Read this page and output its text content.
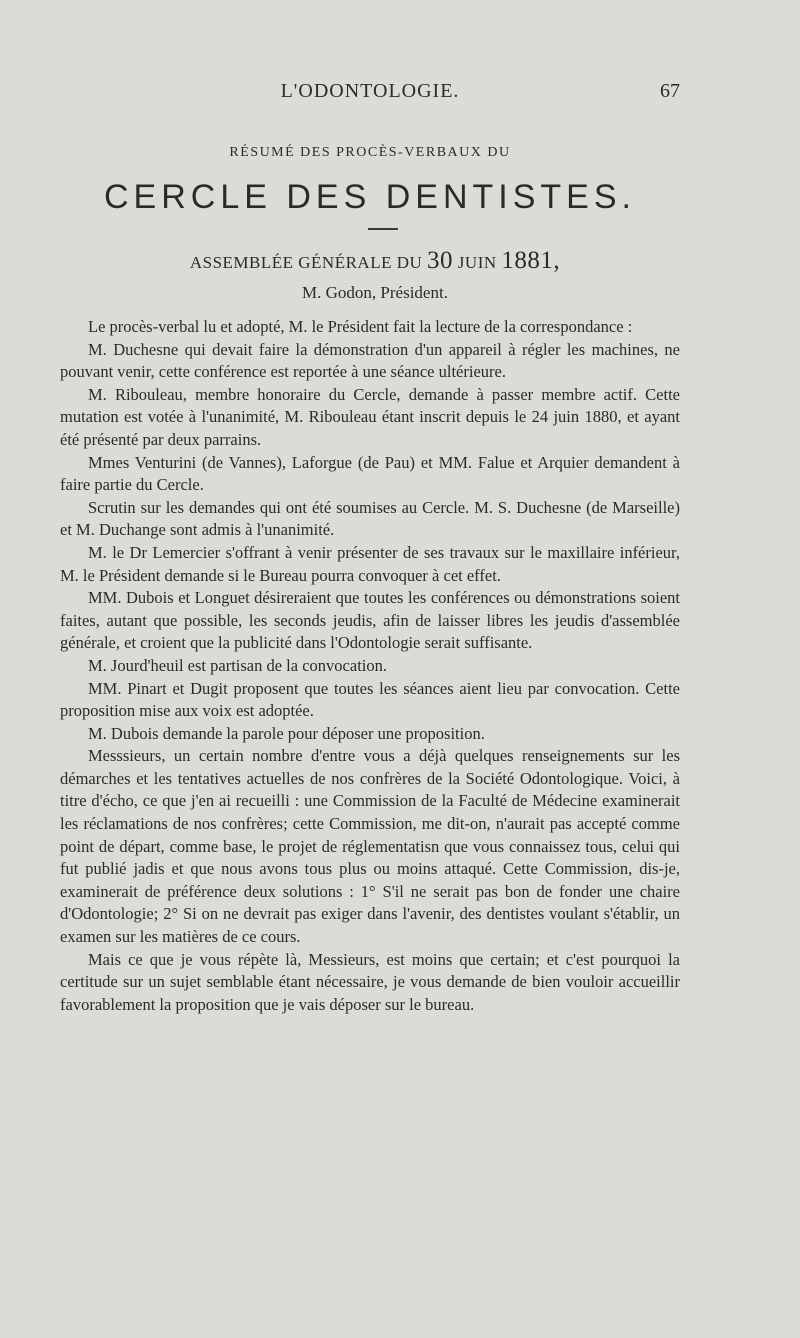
L'ODONTOLOGIE.	67
RÉSUMÉ DES PROCÈS-VERBAUX DU
CERCLE DES DENTISTES.
ASSEMBLÉE GÉNÉRALE DU 30 JUIN 1881,
M. Godon, Président.

Le procès-verbal lu et adopté, M. le Président fait la lecture de la correspondance :

M. Duchesne qui devait faire la démonstration d'un appareil à régler les machines, ne pouvant venir, cette conférence est reportée à une séance ultérieure.

M. Ribouleau, membre honoraire du Cercle, demande à passer membre actif. Cette mutation est votée à l'unanimité, M. Ribouleau étant inscrit depuis le 24 juin 1880, et ayant été présenté par deux parrains.

Mmes Venturini (de Vannes), Laforgue (de Pau) et MM. Falue et Arquier demandent à faire partie du Cercle.

Scrutin sur les demandes qui ont été soumises au Cercle. M. S. Duchesne (de Marseille) et M. Duchange sont admis à l'unanimité.

M. le Dr Lemercier s'offrant à venir présenter de ses travaux sur le maxillaire inférieur, M. le Président demande si le Bureau pourra convoquer à cet effet.

MM. Dubois et Longuet désireraient que toutes les conférences ou démonstrations soient faites, autant que possible, les seconds jeudis, afin de laisser libres les jeudis d'assemblée générale, et croient que la publicité dans l'Odontologie serait suffisante.

M. Jourd'heuil est partisan de la convocation.

MM. Pinart et Dugit proposent que toutes les séances aient lieu par convocation. Cette proposition mise aux voix est adoptée.

M. Dubois demande la parole pour déposer une proposition.

Messsieurs, un certain nombre d'entre vous a déjà quelques renseignements sur les démarches et les tentatives actuelles de nos confrères de la Société Odontologique. Voici, à titre d'écho, ce que j'en ai recueilli : une Commission de la Faculté de Médecine examinerait les réclamations de nos confrères; cette Commission, me dit-on, n'aurait pas accepté comme point de départ, comme base, le projet de réglementatisn que vous connaissez tous, celui qui fut publié jadis et que nous avons tous plus ou moins attaqué. Cette Commission, dis-je, examinerait de préférence deux solutions : 1° S'il ne serait pas bon de fonder une chaire d'Odontologie; 2° Si on ne devrait pas exiger dans l'avenir, des dentistes voulant s'établir, un examen sur les matières de ce cours.

Mais ce que je vous répète là, Messieurs, est moins que certain; et c'est pourquoi la certitude sur un sujet semblable étant nécessaire, je vous demande de bien vouloir accueillir favorablement la proposition que je vais déposer sur le bureau.
